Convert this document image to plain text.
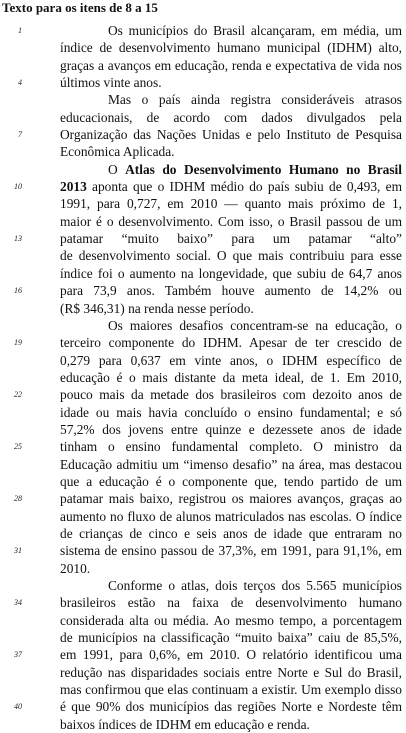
Texto para os itens de 8 a 15
1	Os municípios do Brasil alcançaram, em média, um
índice de desenvolvimento humano municipal (IDHM) alto,
graças a avanços em educação, renda e expectativa de vida nos
4	últimos vinte anos.
Mas o país ainda registra consideráveis atrasos
educacionais, de acordo com dados divulgados pela
7	Organização das Nações Unidas e pelo Instituto de Pesquisa
Econômica Aplicada.
O Atlas do Desenvolvimento Humano no Brasil
10	2013 aponta que o IDHM médio do país subiu de 0,493, em
1991, para 0,727, em 2010 — quanto mais próximo de 1,
maior é o desenvolvimento. Com isso, o Brasil passou de um
13	patamar “muito baixo” para um patamar “alto”
de desenvolvimento social. O que mais contribuiu para esse
índice foi o aumento na longevidade, que subiu de 64,7 anos
16	para 73,9 anos. Também houve aumento de 14,2% ou
(R$ 346,31) na renda nesse período.
Os maiores desafios concentram-se na educação, o
19	terceiro componente do IDHM. Apesar de ter crescido de
0,279 para 0,637 em vinte anos, o IDHM específico de
educação é o mais distante da meta ideal, de 1. Em 2010,
22	pouco mais da metade dos brasileiros com dezoito anos de
idade ou mais havia concluído o ensino fundamental; e só
57,2% dos jovens entre quinze e dezessete anos de idade
25	tinham o ensino fundamental completo. O ministro da
Educação admitiu um “imenso desafio” na área, mas destacou
que a educação é o componente que, tendo partido de um
28	patamar mais baixo, registrou os maiores avanços, graças ao
aumento no fluxo de alunos matriculados nas escolas. O índice
de crianças de cinco e seis anos de idade que entraram no
31	sistema de ensino passou de 37,3%, em 1991, para 91,1%, em
2010.
Conforme o atlas, dois terços dos 5.565 municípios
34	brasileiros estão na faixa de desenvolvimento humano
considerada alta ou média. Ao mesmo tempo, a porcentagem
de municípios na classificação “muito baixa” caiu de 85,5%,
37	em 1991, para 0,6%, em 2010. O relatório identificou uma
redução nas disparidades sociais entre Norte e Sul do Brasil,
mas confirmou que elas continuam a existir. Um exemplo disso
40	é que 90% dos municípios das regiões Norte e Nordeste têm
baixos índices de IDHM em educação e renda.
